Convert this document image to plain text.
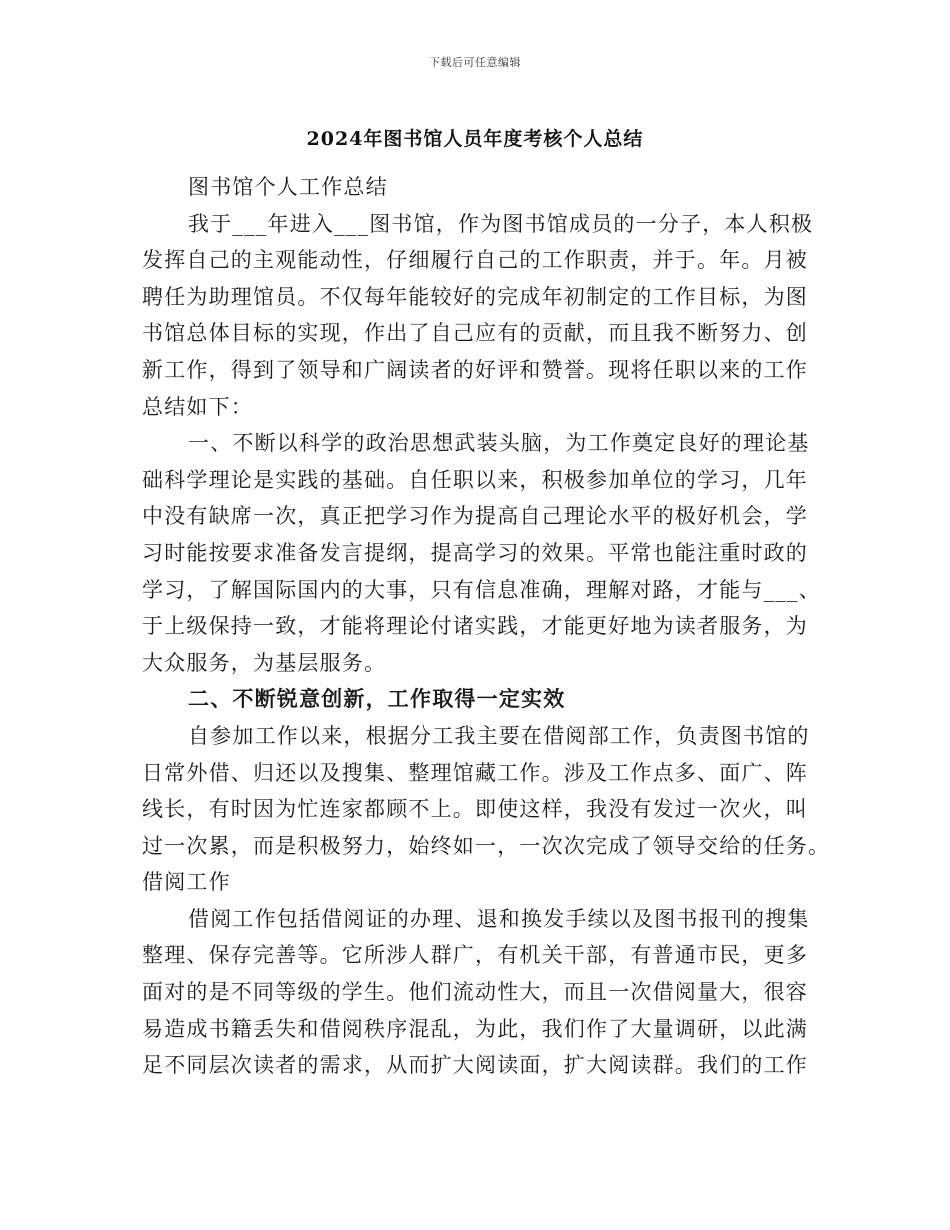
下载后可任意编辑
2024年图书馆人员年度考核个人总结
图书馆个人工作总结
我于___年进入___图书馆，作为图书馆成员的一分子，本人积极
发挥自己的主观能动性，仔细履行自己的工作职责，并于。年。月被
聘任为助理馆员。不仅每年能较好的完成年初制定的工作目标，为图
书馆总体目标的实现，作出了自己应有的贡献，而且我不断努力、创
新工作，得到了领导和广阔读者的好评和赞誉。现将任职以来的工作
总结如下：
一、不断以科学的政治思想武装头脑，为工作奠定良好的理论基
础科学理论是实践的基础。自任职以来，积极参加单位的学习，几年
中没有缺席一次，真正把学习作为提高自己理论水平的极好机会，学
习时能按要求准备发言提纲，提高学习的效果。平常也能注重时政的
学习，了解国际国内的大事，只有信息准确，理解对路，才能与___、
于上级保持一致，才能将理论付诸实践，才能更好地为读者服务，为
大众服务，为基层服务。
二、不断锐意创新，工作取得一定实效
自参加工作以来，根据分工我主要在借阅部工作，负责图书馆的
日常外借、归还以及搜集、整理馆藏工作。涉及工作点多、面广、阵
线长，有时因为忙连家都顾不上。即使这样，我没有发过一次火，叫
过一次累，而是积极努力，始终如一，一次次完成了领导交给的任务。
借阅工作
借阅工作包括借阅证的办理、退和换发手续以及图书报刊的搜集
整理、保存完善等。它所涉人群广，有机关干部，有普通市民，更多
面对的是不同等级的学生。他们流动性大，而且一次借阅量大，很容
易造成书籍丢失和借阅秩序混乱，为此，我们作了大量调研，以此满
足不同层次读者的需求，从而扩大阅读面，扩大阅读群。我们的工作
